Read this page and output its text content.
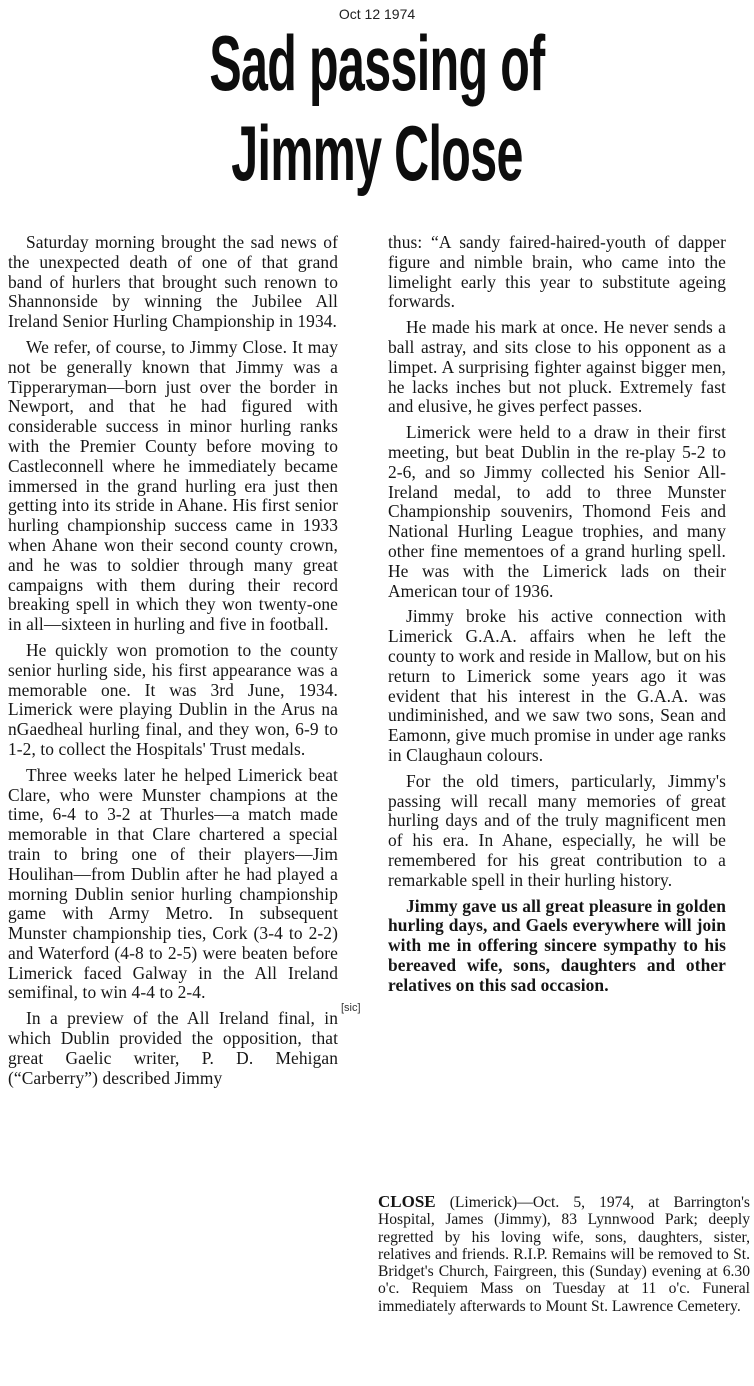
Oct 12 1974
Sad passing of
Jimmy Close

Saturday morning brought the sad news of the unexpected death of one of that grand band of hurlers that brought such renown to Shannonside by winning the Jubilee All Ireland Senior Hurling Championship in 1934.

We refer, of course, to Jimmy Close. It may not be generally known that Jimmy was a Tipperaryman—born just over the border in Newport, and that he had figured with considerable success in minor hurling ranks with the Premier County before moving to Castleconnell where he immediately became immersed in the grand hurling era just then getting into its stride in Ahane. His first senior hurling championship success came in 1933 when Ahane won their second county crown, and he was to soldier through many great campaigns with them during their record breaking spell in which they won twenty-one in all—sixteen in hurling and five in football.

He quickly won promotion to the county senior hurling side, his first appearance was a memorable one. It was 3rd June, 1934. Limerick were playing Dublin in the Arus na nGaedheal hurling final, and they won, 6-9 to 1-2, to collect the Hospitals' Trust medals.

Three weeks later he helped Limerick beat Clare, who were Munster champions at the time, 6-4 to 3-2 at Thurles—a match made memorable in that Clare chartered a special train to bring one of their players—Jim Houlihan—from Dublin after he had played a morning Dublin senior hurling championship game with Army Metro. In subsequent Munster championship ties, Cork (3-4 to 2-2) and Waterford (4-8 to 2-5) were beaten before Limerick faced Galway in the All Ireland semifinal, to win 4-4 to 2-4.

In a preview of the All Ireland final, in which Dublin provided the opposition, that great Gaelic writer, P. D. Mehigan (“Carberry”) described Jimmy

thus: “A sandy faired-haired-youth of dapper figure and nimble brain, who came into the limelight early this year to substitute ageing forwards.

He made his mark at once. He never sends a ball astray, and sits close to his opponent as a limpet. A surprising fighter against bigger men, he lacks inches but not pluck. Extremely fast and elusive, he gives perfect passes.

Limerick were held to a draw in their first meeting, but beat Dublin in the re-play 5-2 to 2-6, and so Jimmy collected his Senior All-Ireland medal, to add to three Munster Championship souvenirs, Thomond Feis and National Hurling League trophies, and many other fine mementoes of a grand hurling spell. He was with the Limerick lads on their American tour of 1936.

Jimmy broke his active connection with Limerick G.A.A. affairs when he left the county to work and reside in Mallow, but on his return to Limerick some years ago it was evident that his interest in the G.A.A. was undiminished, and we saw two sons, Sean and Eamonn, give much promise in under age ranks in Claughaun colours.

For the old timers, particularly, Jimmy's passing will recall many memories of great hurling days and of the truly magnificent men of his era. In Ahane, especially, he will be remembered for his great contribution to a remarkable spell in their hurling history.

Jimmy gave us all great pleasure in golden hurling days, and Gaels everywhere will join with me in offering sincere sympathy to his bereaved wife, sons, daughters and other relatives on this sad occasion.

[sic]
CLOSE (Limerick)—Oct. 5, 1974, at Barrington's Hospital, James (Jimmy), 83 Lynnwood Park; deeply regretted by his loving wife, sons, daughters, sister, relatives and friends. R.I.P. Remains will be removed to St. Bridget's Church, Fairgreen, this (Sunday) evening at 6.30 o'c. Requiem Mass on Tuesday at 11 o'c. Funeral immediately afterwards to Mount St. Lawrence Cemetery.
